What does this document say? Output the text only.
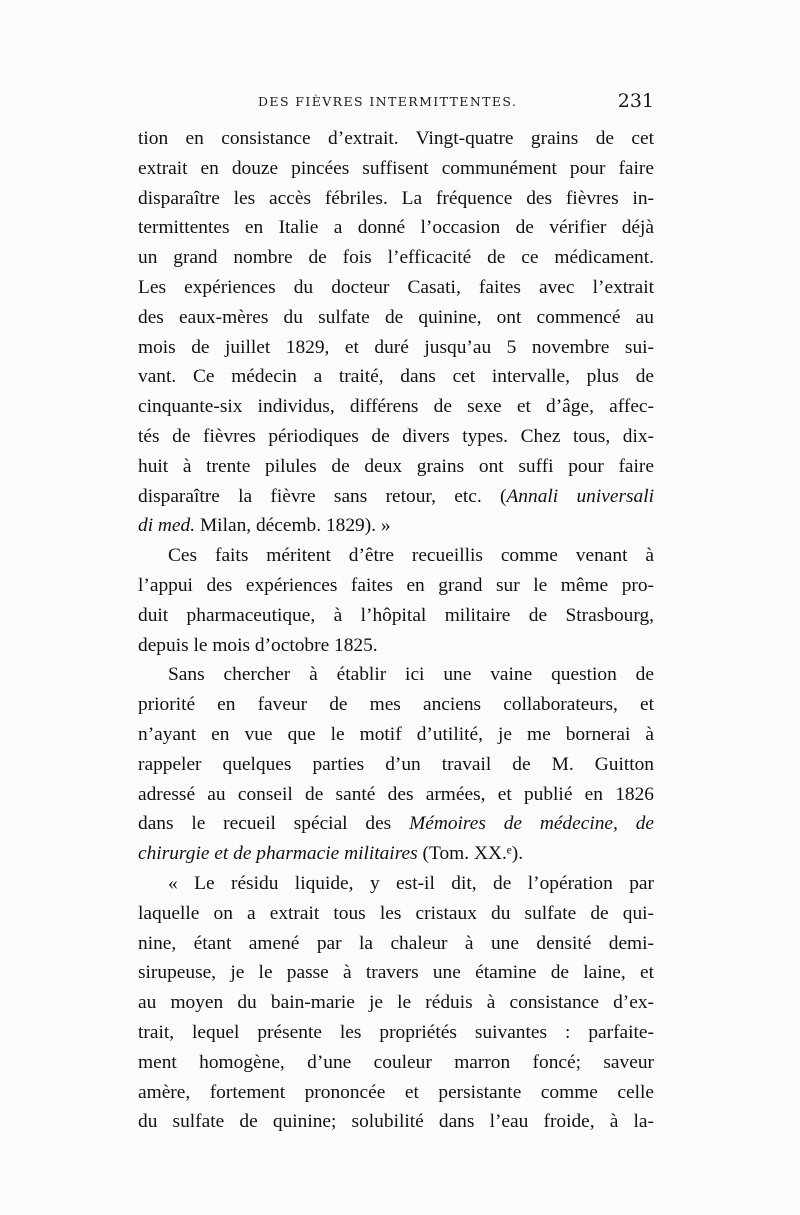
DES FIÈVRES INTERMITTENTES.	231
tion en consistance d’extrait. Vingt-quatre grains de cet
extrait en douze pincées suffisent communément pour faire
disparaître les accès fébriles. La fréquence des fièvres in-
termittentes en Italie a donné l’occasion de vérifier déjà
un grand nombre de fois l’efficacité de ce médicament.
Les expériences du docteur Casati, faites avec l’extrait
des eaux-mères du sulfate de quinine, ont commencé au
mois de juillet 1829, et duré jusqu’au 5 novembre sui-
vant. Ce médecin a traité, dans cet intervalle, plus de
cinquante-six individus, différens de sexe et d’âge, affec-
tés de fièvres périodiques de divers types. Chez tous, dix-
huit à trente pilules de deux grains ont suffi pour faire
disparaître la fièvre sans retour, etc. (Annali universali
di med. Milan, décemb. 1829). »
Ces faits méritent d’être recueillis comme venant à
l’appui des expériences faites en grand sur le même pro-
duit pharmaceutique, à l’hôpital militaire de Strasbourg,
depuis le mois d’octobre 1825.
Sans chercher à établir ici une vaine question de
priorité en faveur de mes anciens collaborateurs, et
n’ayant en vue que le motif d’utilité, je me bornerai à
rappeler quelques parties d’un travail de M. Guitton
adressé au conseil de santé des armées, et publié en 1826
dans le recueil spécial des Mémoires de médecine, de
chirurgie et de pharmacie militaires (Tom. XX.ᵉ).
« Le résidu liquide, y est-il dit, de l’opération par
laquelle on a extrait tous les cristaux du sulfate de qui-
nine, étant amené par la chaleur à une densité demi-
sirupeuse, je le passe à travers une étamine de laine, et
au moyen du bain-marie je le réduis à consistance d’ex-
trait, lequel présente les propriétés suivantes : parfaite-
ment homogène, d’une couleur marron foncé; saveur
amère, fortement prononcée et persistante comme celle
du sulfate de quinine; solubilité dans l’eau froide, à la-
